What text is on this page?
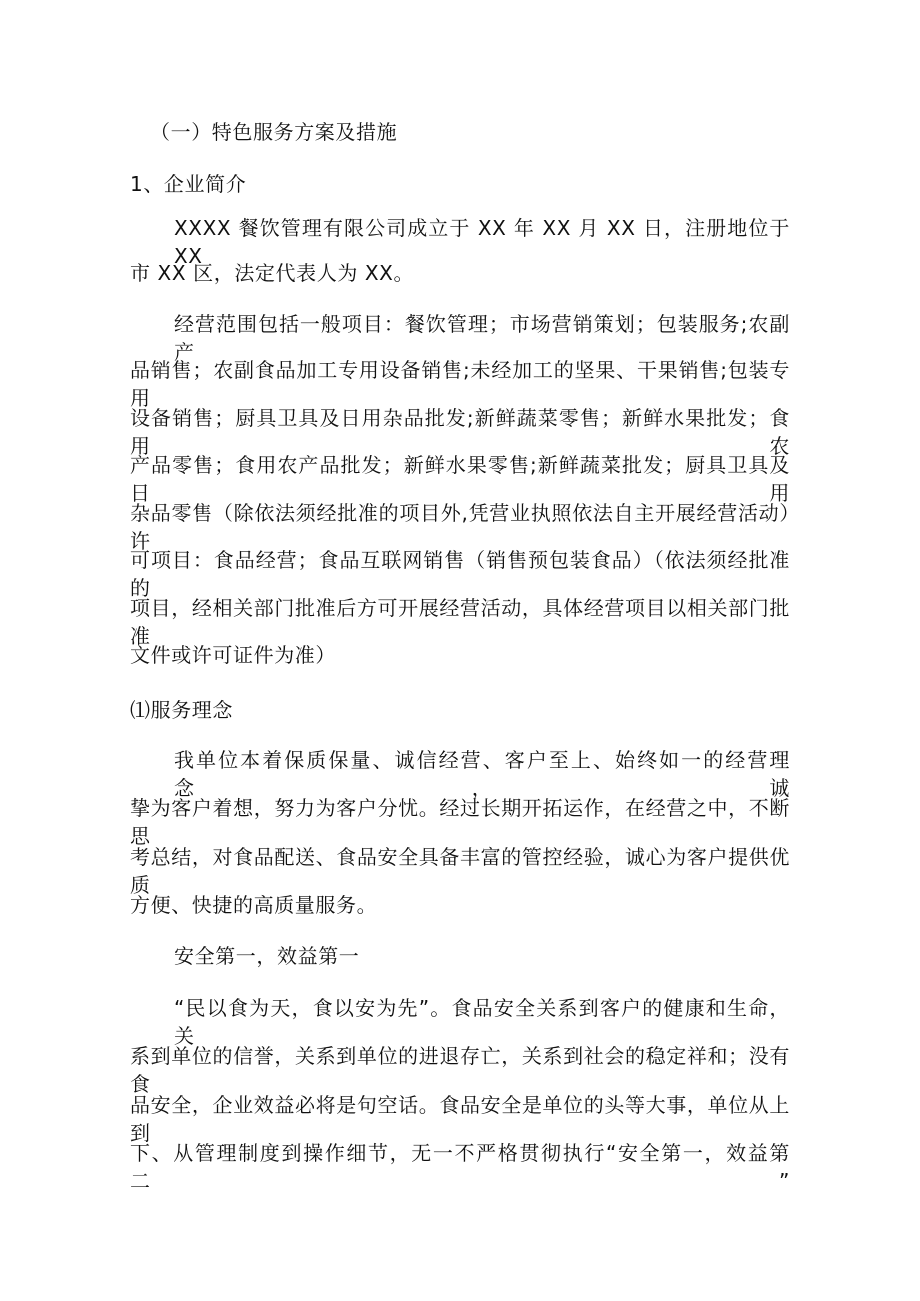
（一）特色服务方案及措施
1、企业简介
XXXX 餐饮管理有限公司成立于 XX 年 XX 月 XX 日，注册地位于 XX
市 XX 区，法定代表人为 XX。
经营范围包括一般项目：餐饮管理；市场营销策划；包装服务;农副产
品销售；农副食品加工专用设备销售;未经加工的坚果、干果销售;包装专用
设备销售；厨具卫具及日用杂品批发;新鲜蔬菜零售；新鲜水果批发；食用农
产品零售；食用农产品批发；新鲜水果零售;新鲜蔬菜批发；厨具卫具及日用
杂品零售（除依法须经批准的项目外,凭营业执照依法自主开展经营活动）许
可项目：食品经营；食品互联网销售（销售预包装食品）（依法须经批准的
项目，经相关部门批准后方可开展经营活动，具体经营项目以相关部门批准
文件或许可证件为准）
⑴服务理念
我单位本着保质保量、诚信经营、客户至上、始终如一的经营理念，诚
挚为客户着想，努力为客户分忧。经过长期开拓运作，在经营之中，不断思
考总结，对食品配送、食品安全具备丰富的管控经验，诚心为客户提供优质
方便、快捷的高质量服务。
安全第一，效益第一
“民以食为天，食以安为先”。食品安全关系到客户的健康和生命，关
系到单位的信誉，关系到单位的进退存亡，关系到社会的稳定祥和；没有食
品安全，企业效益必将是句空话。食品安全是单位的头等大事，单位从上到
下、从管理制度到操作细节，无一不严格贯彻执行“安全第一，效益第二”
